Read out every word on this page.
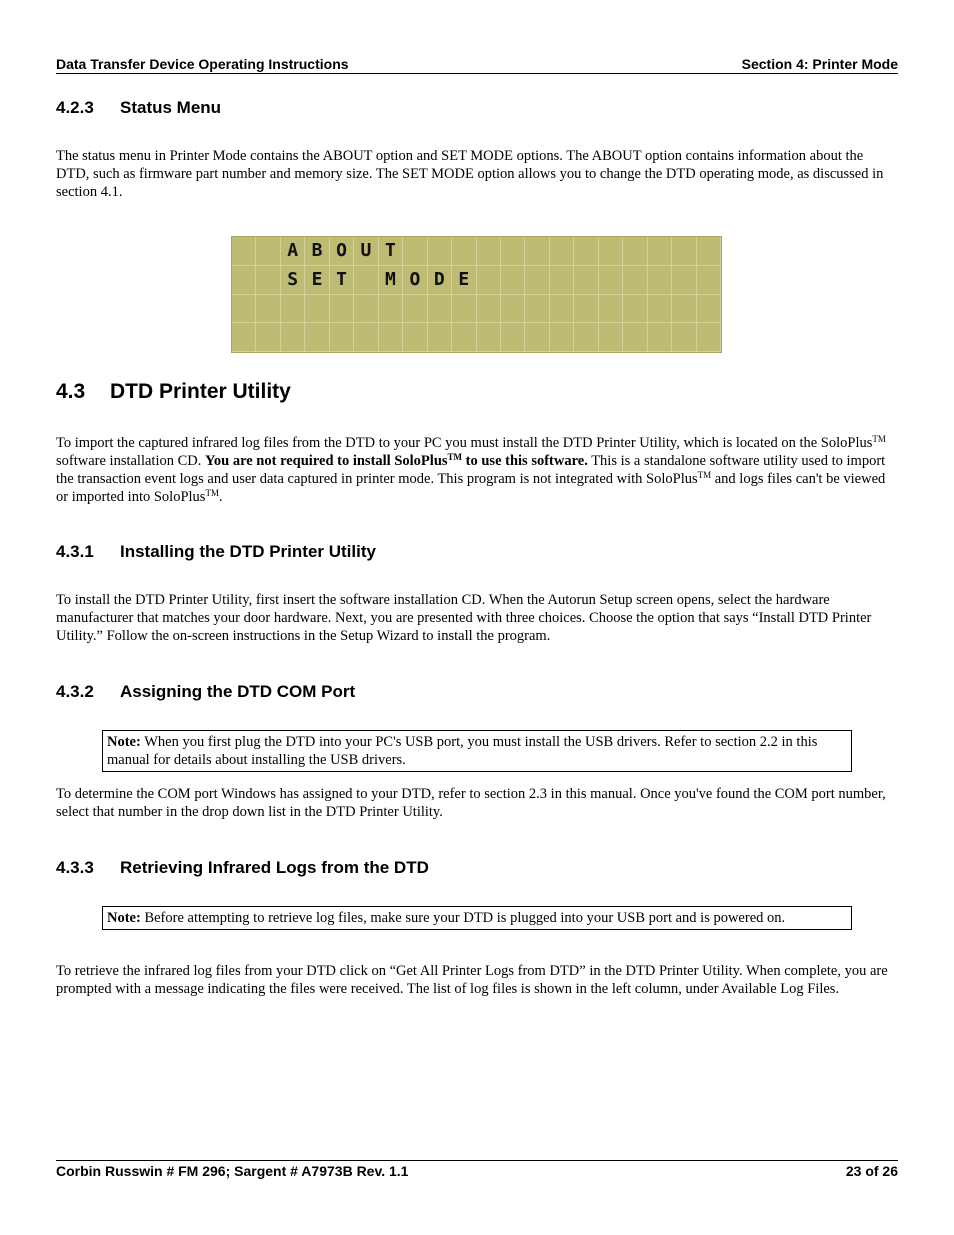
Data Transfer Device Operating Instructions	Section 4: Printer Mode
4.2.3 Status Menu
The status menu in Printer Mode contains the ABOUT option and SET MODE options. The ABOUT option contains information about the DTD, such as firmware part number and memory size. The SET MODE option allows you to change the DTD operating mode, as discussed in section 4.1.
A B O U T
S E T	M O D E
4.3 DTD Printer Utility
To import the captured infrared log files from the DTD to your PC you must install the DTD Printer Utility, which is located on the SoloPlus™ software installation CD. You are not required to install SoloPlus™ to use this software. This is a standalone software utility used to import the transaction event logs and user data captured in printer mode. This program is not integrated with SoloPlus™ and logs files can't be viewed or imported into SoloPlus™.
4.3.1 Installing the DTD Printer Utility
To install the DTD Printer Utility, first insert the software installation CD. When the Autorun Setup screen opens, select the hardware manufacturer that matches your door hardware. Next, you are presented with three choices. Choose the option that says “Install DTD Printer Utility.” Follow the on-screen instructions in the Setup Wizard to install the program.
4.3.2 Assigning the DTD COM Port
Note: When you first plug the DTD into your PC's USB port, you must install the USB drivers. Refer to section 2.2 in this manual for details about installing the USB drivers.
To determine the COM port Windows has assigned to your DTD, refer to section 2.3 in this manual. Once you've found the COM port number, select that number in the drop down list in the DTD Printer Utility.
4.3.3 Retrieving Infrared Logs from the DTD
Note: Before attempting to retrieve log files, make sure your DTD is plugged into your USB port and is powered on.
To retrieve the infrared log files from your DTD click on “Get All Printer Logs from DTD” in the DTD Printer Utility. When complete, you are prompted with a message indicating the files were received. The list of log files is shown in the left column, under Available Log Files.
Corbin Russwin # FM 296; Sargent # A7973B Rev. 1.1	23 of 26
